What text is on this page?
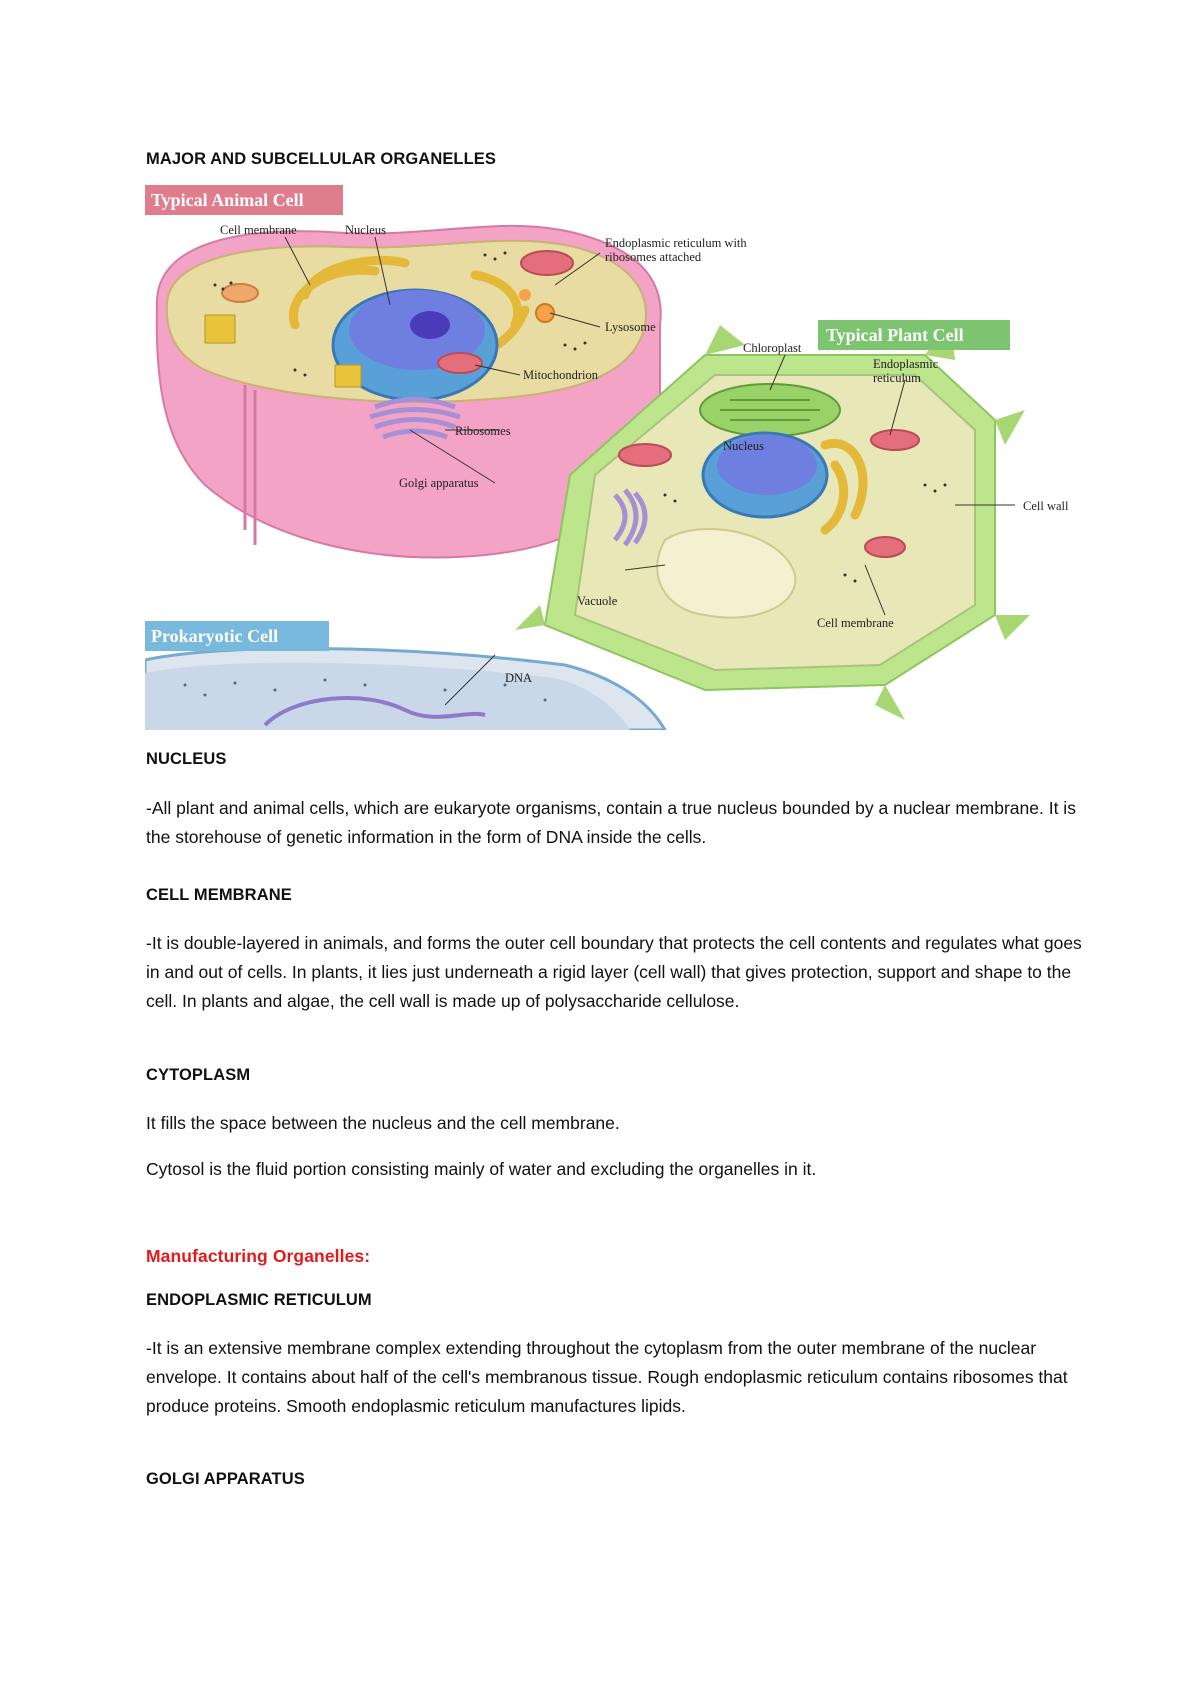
MAJOR AND SUBCELLULAR ORGANELLES

Cell membrane	Nucleus
Endoplasmic reticulum with
ribosomes attached
Lysosome
Mitochondrion
Ribosomes
Golgi apparatus
Typical Animal Cell
Chloroplast
Endoplasmic
reticulum
Nucleus
Cell wall
Vacuole
Cell membrane
Typical Plant Cell
DNA
Prokaryotic Cell

NUCLEUS

-All plant and animal cells, which are eukaryote organisms, contain a true nucleus bounded by a nuclear membrane. It is the storehouse of genetic information in the form of DNA inside the cells.

CELL MEMBRANE

-It is double-layered in animals, and forms the outer cell boundary that protects the cell contents and regulates what goes in and out of cells. In plants, it lies just underneath a rigid layer (cell wall) that gives protection, support and shape to the cell. In plants and algae, the cell wall is made up of polysaccharide cellulose.

CYTOPLASM

It fills the space between the nucleus and the cell membrane.

Cytosol is the fluid portion consisting mainly of water and excluding the organelles in it.

Manufacturing Organelles:

ENDOPLASMIC RETICULUM

-It is an extensive membrane complex extending throughout the cytoplasm from the outer membrane of the nuclear envelope. It contains about half of the cell's membranous tissue. Rough endoplasmic reticulum contains ribosomes that produce proteins. Smooth endoplasmic reticulum manufactures lipids.

GOLGI APPARATUS
